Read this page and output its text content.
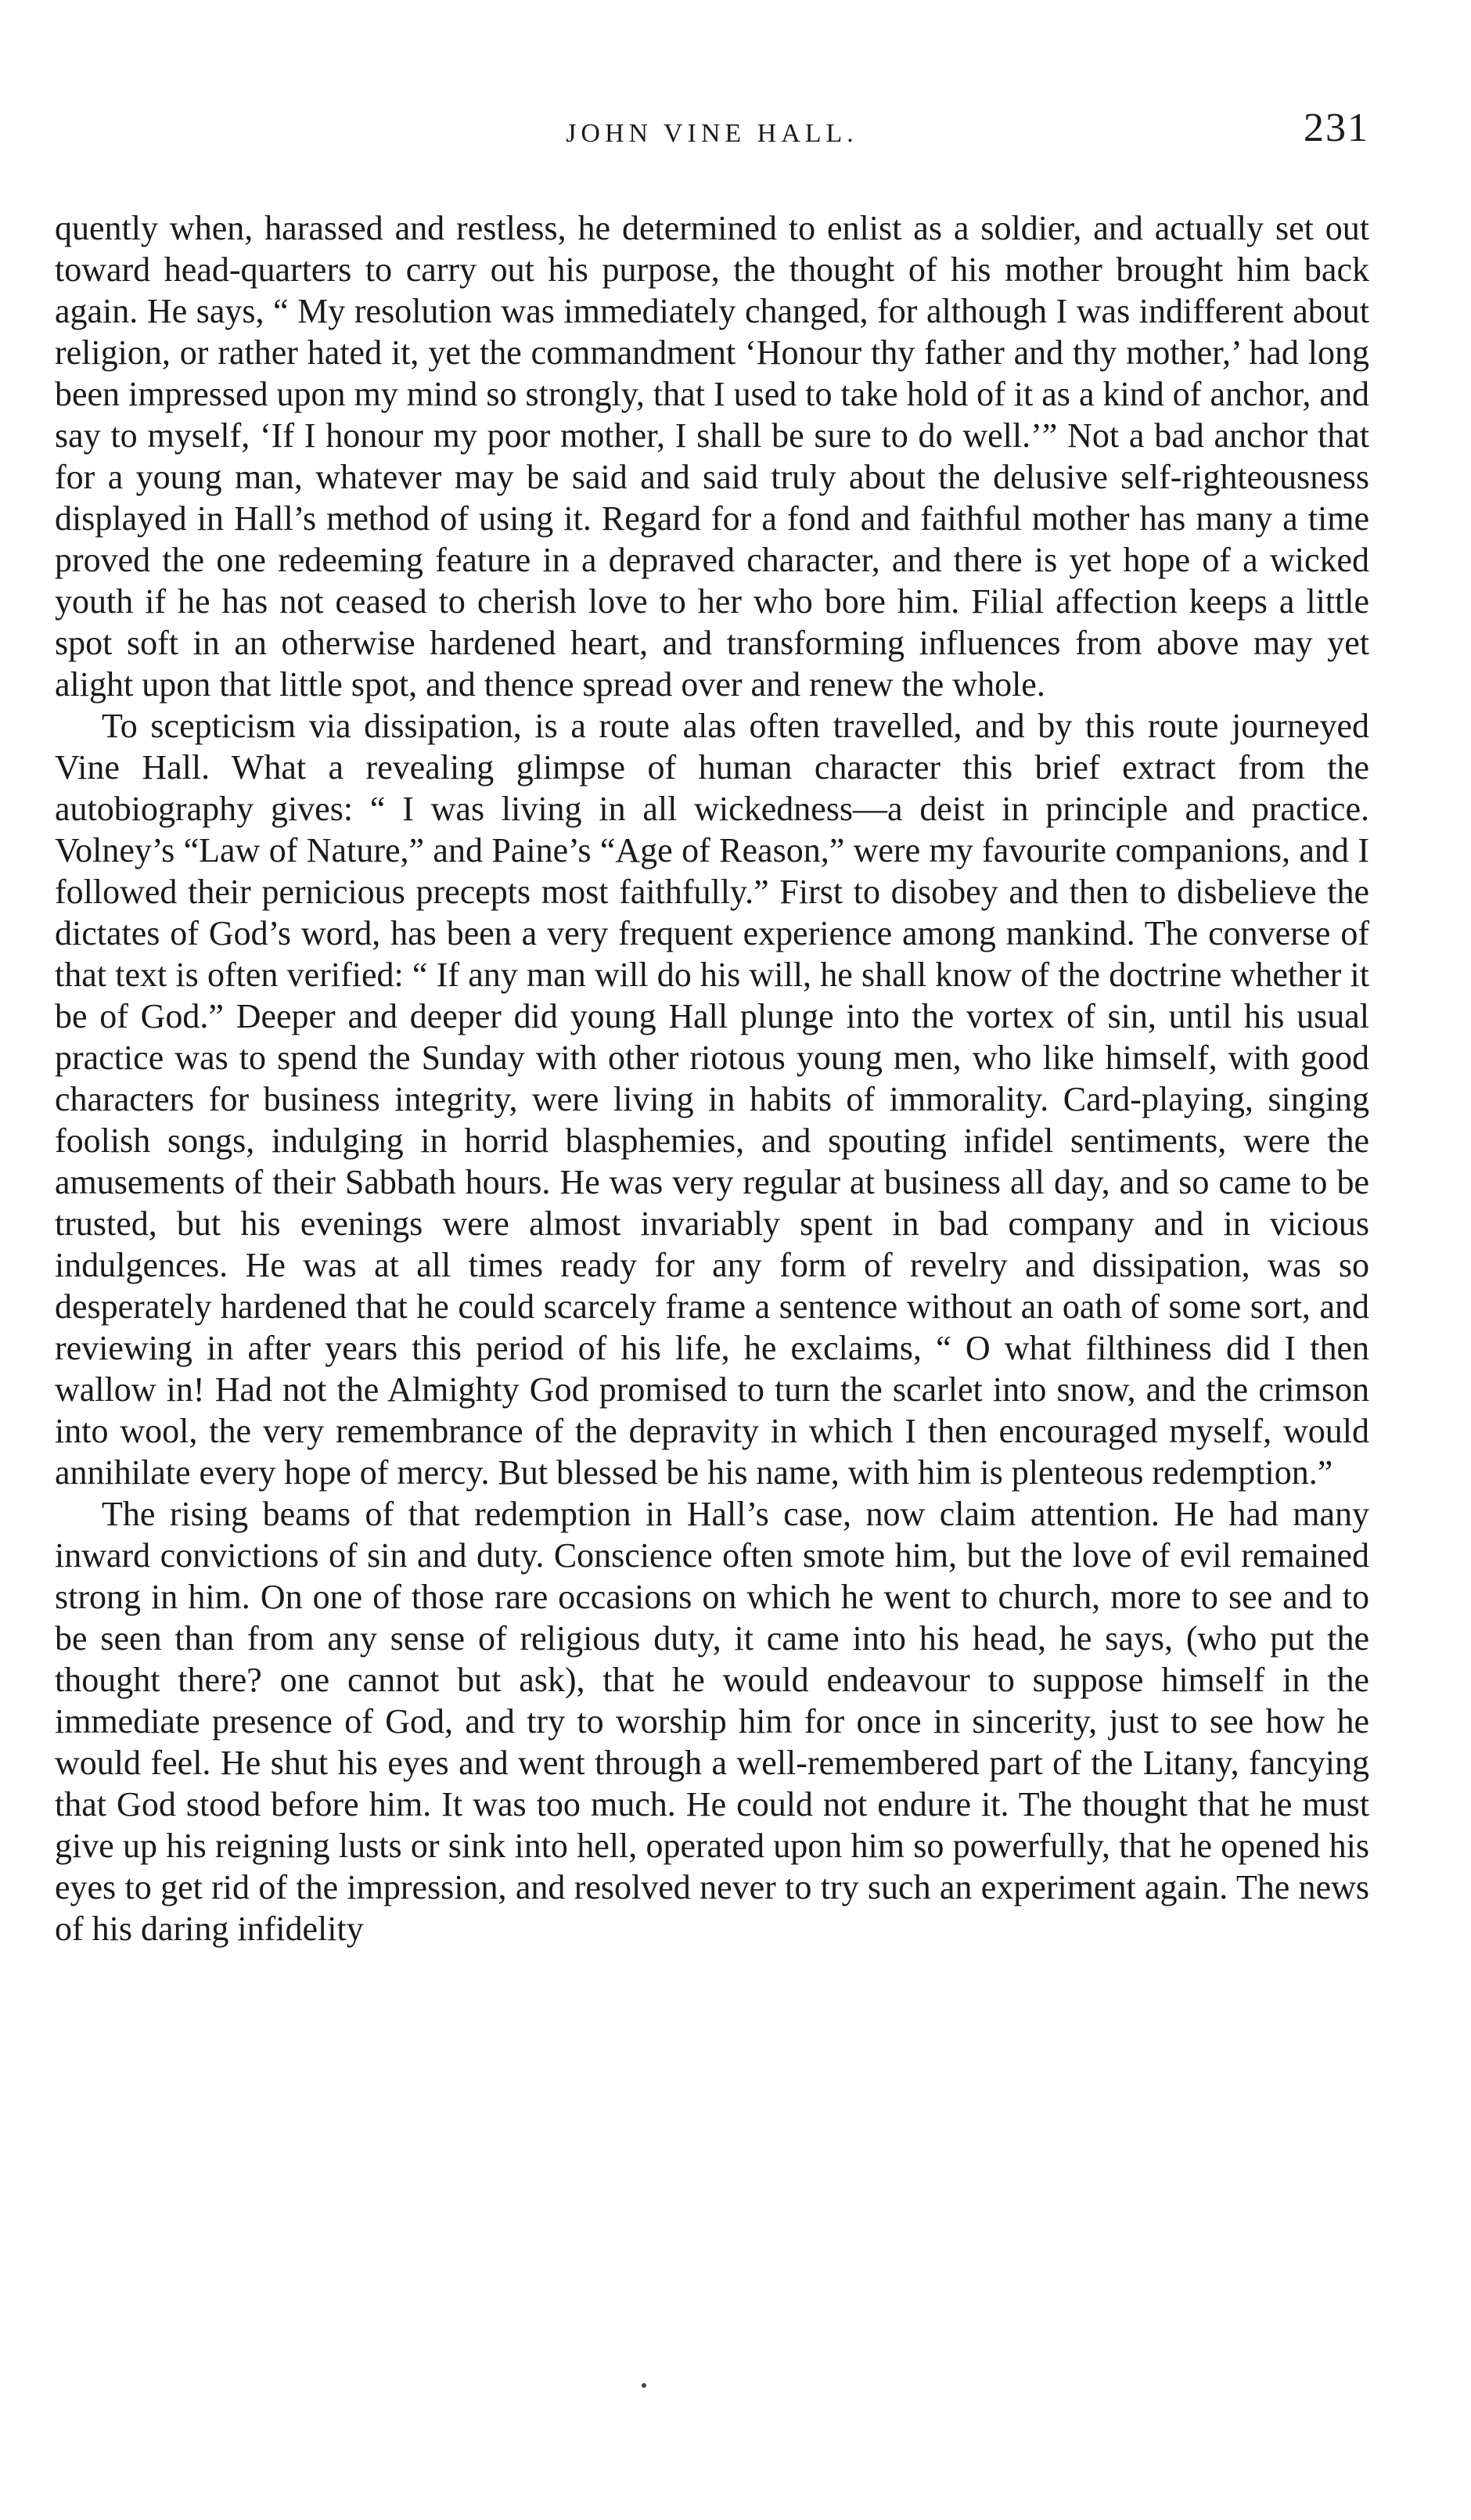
JOHN VINE HALL.	231

quently when, harassed and restless, he determined to enlist as a soldier, and actually set out toward head-quarters to carry out his purpose, the thought of his mother brought him back again. He says, “ My resolution was immediately changed, for although I was indifferent about religion, or rather hated it, yet the commandment ‘Honour thy father and thy mother,’ had long been impressed upon my mind so strongly, that I used to take hold of it as a kind of anchor, and say to myself, ‘If I honour my poor mother, I shall be sure to do well.’” Not a bad anchor that for a young man, whatever may be said and said truly about the delusive self-righteousness displayed in Hall’s method of using it. Regard for a fond and faithful mother has many a time proved the one redeeming feature in a depraved character, and there is yet hope of a wicked youth if he has not ceased to cherish love to her who bore him. Filial affection keeps a little spot soft in an otherwise hardened heart, and transforming influences from above may yet alight upon that little spot, and thence spread over and renew the whole.

To scepticism via dissipation, is a route alas often travelled, and by this route journeyed Vine Hall. What a revealing glimpse of human character this brief extract from the autobiography gives: “ I was living in all wickedness—a deist in principle and practice. Volney’s “Law of Nature,” and Paine’s “Age of Reason,” were my favourite companions, and I followed their pernicious precepts most faithfully.” First to disobey and then to disbelieve the dictates of God’s word, has been a very frequent experience among mankind. The converse of that text is often verified: “ If any man will do his will, he shall know of the doctrine whether it be of God.” Deeper and deeper did young Hall plunge into the vortex of sin, until his usual practice was to spend the Sunday with other riotous young men, who like himself, with good characters for business integrity, were living in habits of immorality. Card-playing, singing foolish songs, indulging in horrid blasphemies, and spouting infidel sentiments, were the amusements of their Sabbath hours. He was very regular at business all day, and so came to be trusted, but his evenings were almost invariably spent in bad company and in vicious indulgences. He was at all times ready for any form of revelry and dissipation, was so desperately hardened that he could scarcely frame a sentence without an oath of some sort, and reviewing in after years this period of his life, he exclaims, “ O what filthiness did I then wallow in! Had not the Almighty God promised to turn the scarlet into snow, and the crimson into wool, the very remembrance of the depravity in which I then encouraged myself, would annihilate every hope of mercy. But blessed be his name, with him is plenteous redemption.”

The rising beams of that redemption in Hall’s case, now claim attention. He had many inward convictions of sin and duty. Conscience often smote him, but the love of evil remained strong in him. On one of those rare occasions on which he went to church, more to see and to be seen than from any sense of religious duty, it came into his head, he says, (who put the thought there? one cannot but ask), that he would endeavour to suppose himself in the immediate presence of God, and try to worship him for once in sincerity, just to see how he would feel. He shut his eyes and went through a well-remembered part of the Litany, fancying that God stood before him. It was too much. He could not endure it. The thought that he must give up his reigning lusts or sink into hell, operated upon him so powerfully, that he opened his eyes to get rid of the impression, and resolved never to try such an experiment again. The news of his daring infidelity
